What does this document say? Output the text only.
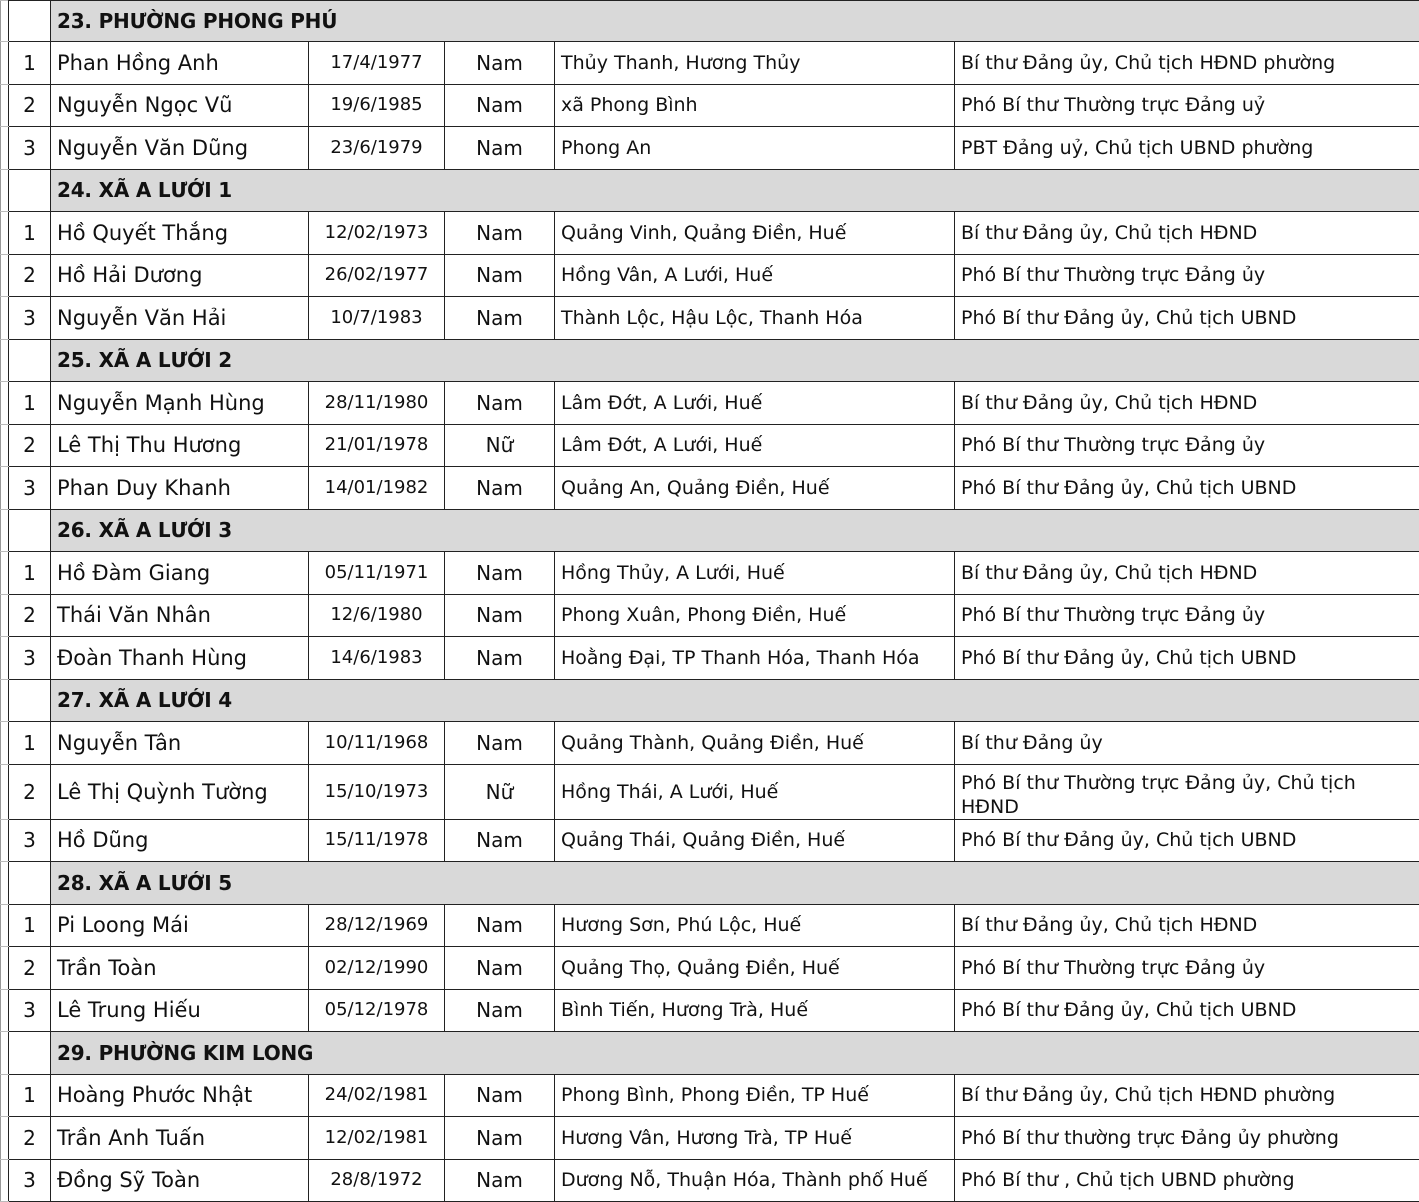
		23. PHƯỜNG PHONG PHÚ				
	1	Phan Hồng Anh	17/4/1977	Nam	Thủy Thanh, Hương Thủy	Bí thư Đảng ủy, Chủ tịch HĐND phường
	2	Nguyễn Ngọc Vũ	19/6/1985	Nam	xã Phong Bình	Phó Bí thư Thường trực Đảng uỷ
	3	Nguyễn Văn Dũng	23/6/1979	Nam	Phong An	PBT Đảng uỷ, Chủ tịch UBND phường
		24. XÃ A LƯỚI 1				
	1	Hồ Quyết Thắng	12/02/1973	Nam	Quảng Vinh, Quảng Điền, Huế	Bí thư Đảng ủy, Chủ tịch HĐND
	2	Hồ Hải Dương	26/02/1977	Nam	Hồng Vân, A Lưới, Huế	Phó Bí thư Thường trực Đảng ủy
	3	Nguyễn Văn Hải	10/7/1983	Nam	Thành Lộc, Hậu Lộc, Thanh Hóa	Phó Bí thư Đảng ủy, Chủ tịch UBND
		25. XÃ A LƯỚI 2				
	1	Nguyễn Mạnh Hùng	28/11/1980	Nam	Lâm Đớt, A Lưới, Huế	Bí thư Đảng ủy, Chủ tịch HĐND
	2	Lê Thị Thu Hương	21/01/1978	Nữ	Lâm Đớt, A Lưới, Huế	Phó Bí thư Thường trực Đảng ủy
	3	Phan Duy Khanh	14/01/1982	Nam	Quảng An, Quảng Điền, Huế	Phó Bí thư Đảng ủy, Chủ tịch UBND
		26. XÃ A LƯỚI 3				
	1	Hồ Đàm Giang	05/11/1971	Nam	Hồng Thủy, A Lưới, Huế	Bí thư Đảng ủy, Chủ tịch HĐND
	2	Thái Văn Nhân	12/6/1980	Nam	Phong Xuân, Phong Điền, Huế	Phó Bí thư Thường trực Đảng ủy
	3	Đoàn Thanh Hùng	14/6/1983	Nam	Hoằng Đại, TP Thanh Hóa, Thanh Hóa	Phó Bí thư Đảng ủy, Chủ tịch UBND
		27. XÃ A LƯỚI 4				
	1	Nguyễn Tân	10/11/1968	Nam	Quảng Thành, Quảng Điền, Huế	Bí thư Đảng ủy
	2	Lê Thị Quỳnh Tường	15/10/1973	Nữ	Hồng Thái, A Lưới, Huế	Phó Bí thư Thường trực Đảng ủy, Chủ tịch HĐND
	3	Hồ Dũng	15/11/1978	Nam	Quảng Thái, Quảng Điền, Huế	Phó Bí thư Đảng ủy, Chủ tịch UBND
		28. XÃ A LƯỚI 5				
	1	Pi Loong Mái	28/12/1969	Nam	Hương Sơn, Phú Lộc, Huế	Bí thư Đảng ủy, Chủ tịch HĐND
	2	Trần Toàn	02/12/1990	Nam	Quảng Thọ, Quảng Điền, Huế	Phó Bí thư Thường trực Đảng ủy
	3	Lê Trung Hiếu	05/12/1978	Nam	Bình Tiến, Hương Trà, Huế	Phó Bí thư Đảng ủy, Chủ tịch UBND
		29. PHƯỜNG KIM LONG				
	1	Hoàng Phước Nhật	24/02/1981	Nam	Phong Bình, Phong Điền, TP Huế	Bí thư Đảng ủy, Chủ tịch HĐND phường
	2	Trần Anh Tuấn	12/02/1981	Nam	Hương Vân, Hương Trà, TP Huế	Phó Bí thư thường trực Đảng ủy phường
	3	Đồng Sỹ Toàn	28/8/1972	Nam	Dương Nỗ, Thuận Hóa, Thành phố Huế	Phó Bí thư , Chủ tịch UBND phường
